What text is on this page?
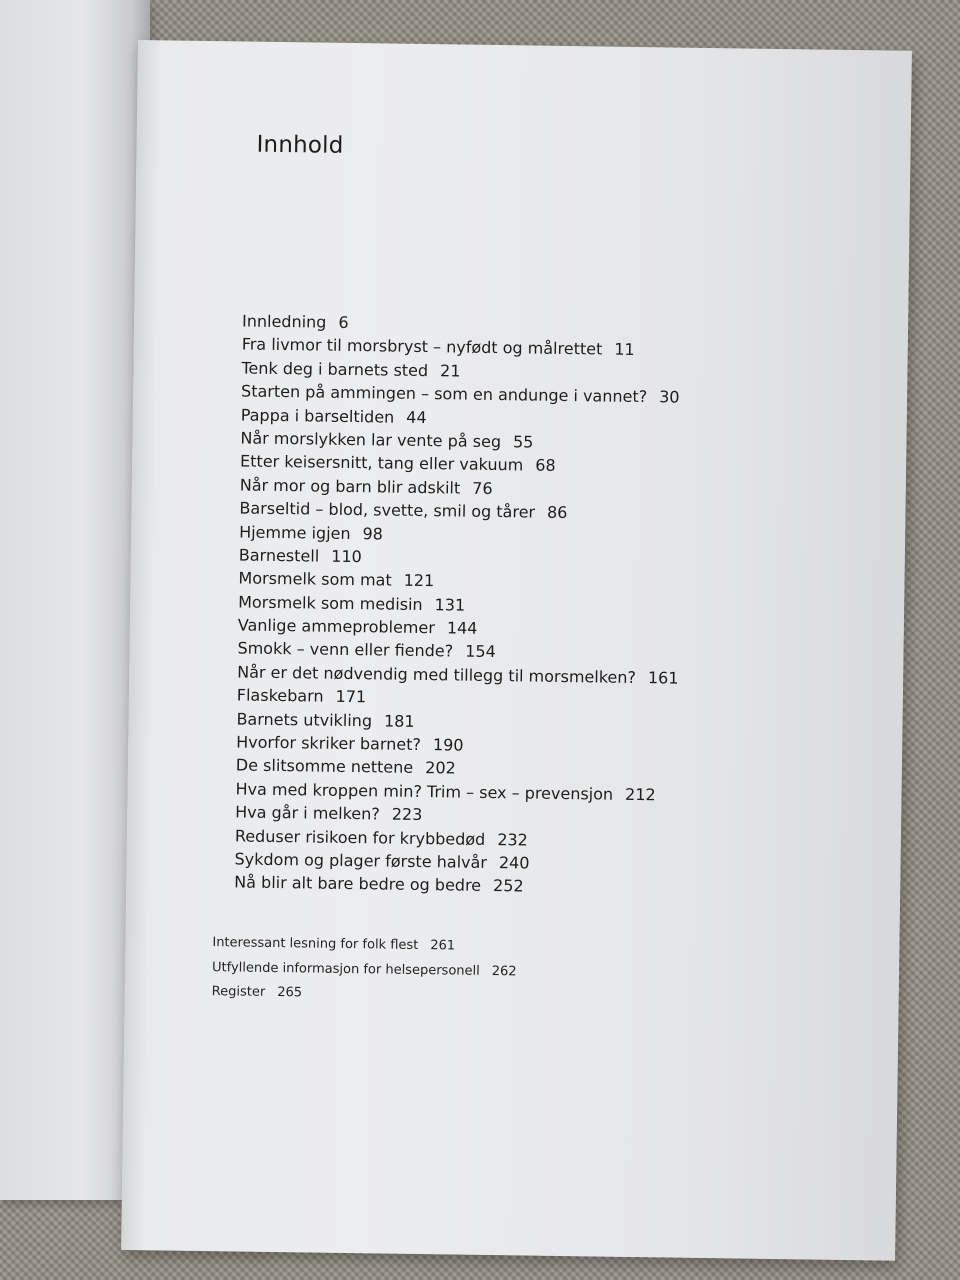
Innhold
Innledning 6
Fra livmor til morsbryst – nyfødt og målrettet 11
Tenk deg i barnets sted 21
Starten på ammingen – som en andunge i vannet? 30
Pappa i barseltiden 44
Når morslykken lar vente på seg 55
Etter keisersnitt, tang eller vakuum 68
Når mor og barn blir adskilt 76
Barseltid – blod, svette, smil og tårer 86
Hjemme igjen 98
Barnestell 110
Morsmelk som mat 121
Morsmelk som medisin 131
Vanlige ammeproblemer 144
Smokk – venn eller fiende? 154
Når er det nødvendig med tillegg til morsmelken? 161
Flaskebarn 171
Barnets utvikling 181
Hvorfor skriker barnet? 190
De slitsomme nettene 202
Hva med kroppen min? Trim – sex – prevensjon 212
Hva går i melken? 223
Reduser risikoen for krybbedød 232
Sykdom og plager første halvår 240
Nå blir alt bare bedre og bedre 252
Interessant lesning for folk flest 261
Utfyllende informasjon for helsepersonell 262
Register 265
